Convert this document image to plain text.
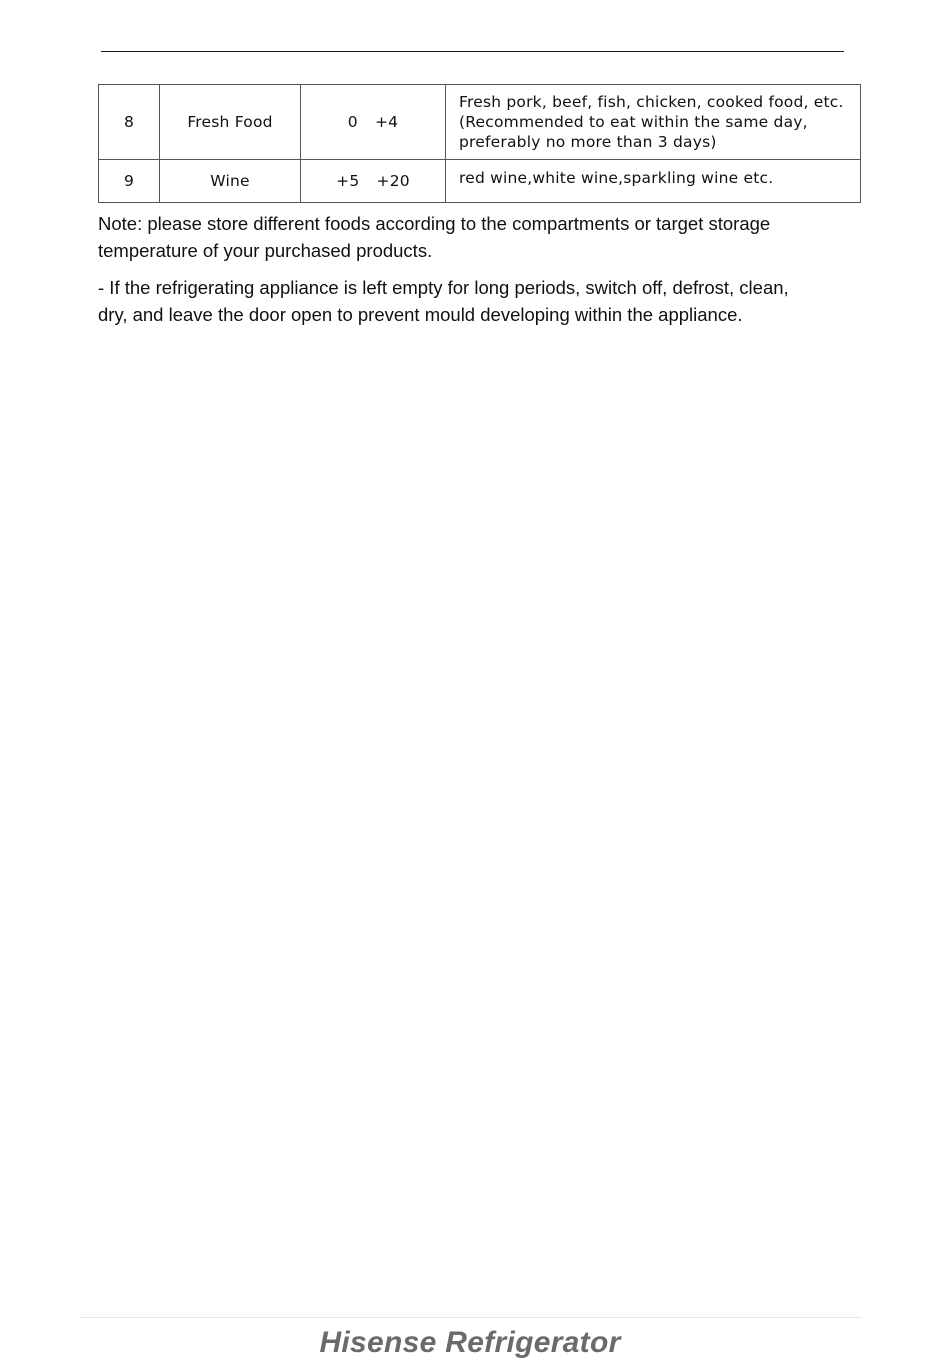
8	Fresh Food	0 +4	Fresh pork, beef, fish, chicken, cooked food, etc.
(Recommended to eat within the same day,
preferably no more than 3 days)

9	Wine	+5 +20	red wine,white wine,sparkling wine etc.
Note: please store different foods according to the compartments or target storage
temperature of your purchased products.
- If the refrigerating appliance is left empty for long periods, switch off, defrost, clean,
dry, and leave the door open to prevent mould developing within the appliance.
Hisense Refrigerator
